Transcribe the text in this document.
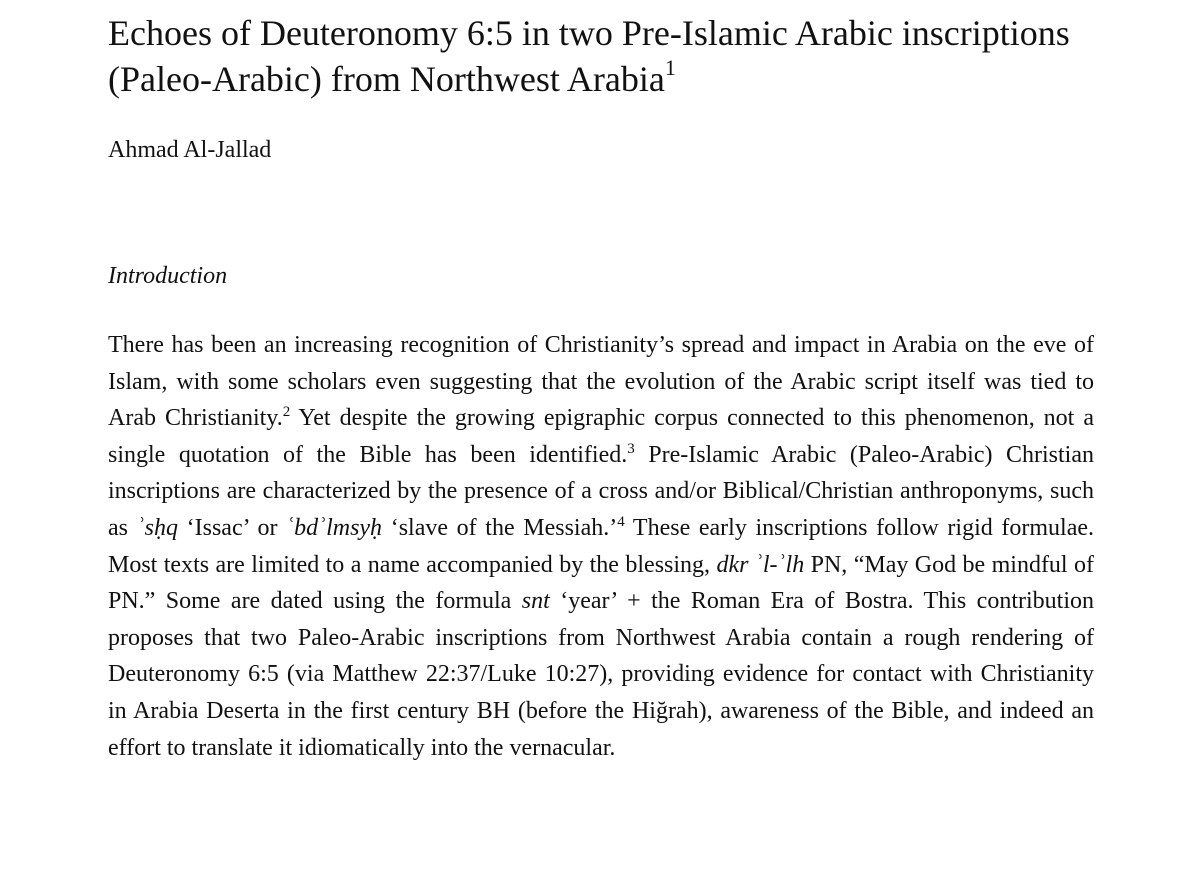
Echoes of Deuteronomy 6:5 in two Pre-Islamic Arabic inscriptions (Paleo-Arabic) from Northwest Arabia$^1$

Ahmad Al-Jallad

Introduction

There has been an increasing recognition of Christianity’s spread and impact in Arabia on the eve of Islam, with some scholars even suggesting that the evolution of the Arabic script itself was tied to Arab Christianity.$^2$ Yet despite the growing epigraphic corpus connected to this phenomenon, not a single quotation of the Bible has been identified.$^3$ Pre-Islamic Arabic (Paleo-Arabic) Christian inscriptions are characterized by the presence of a cross and/or Biblical/Christian anthroponyms, such as ʾsḥq ‘Issac’ or ʿbdʾlmsyḥ ‘slave of the Messiah.’$^4$ These early inscriptions follow rigid formulae. Most texts are limited to a name accompanied by the blessing, dkr ʾl-ʾlh PN, “May God be mindful of PN.” Some are dated using the formula snt ‘year’ + the Roman Era of Bostra. This contribution proposes that two Paleo-Arabic inscriptions from Northwest Arabia contain a rough rendering of Deuteronomy 6:5 (via Matthew 22:37/Luke 10:27), providing evidence for contact with Christianity in Arabia Deserta in the first century BH (before the Hiğrah), awareness of the Bible, and indeed an effort to translate it idiomatically into the vernacular.
